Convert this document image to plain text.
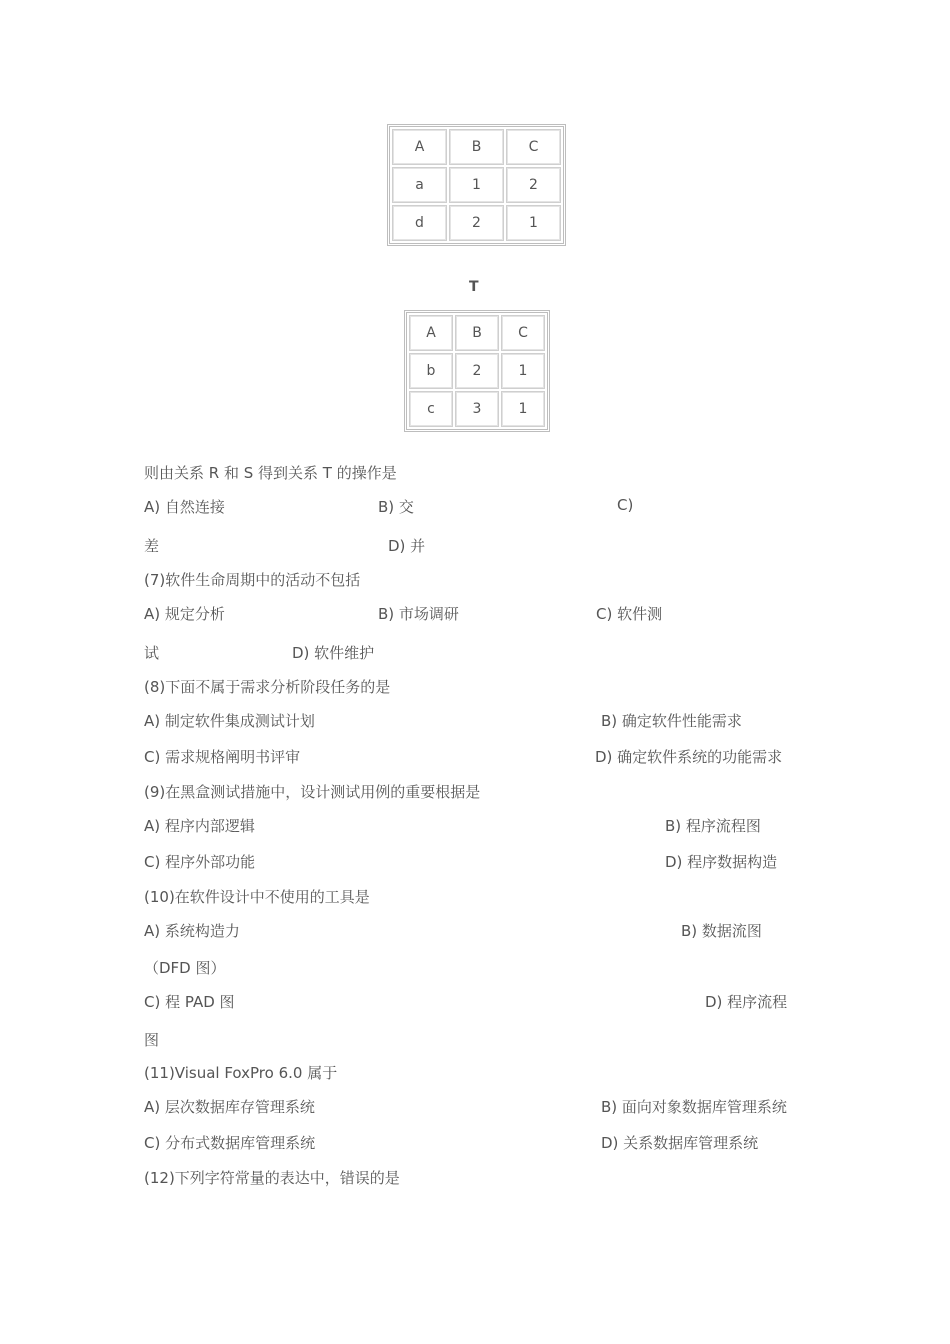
A	B	C
a	1	2
d	2	1
T
A	B	C
b	2	1
c	3	1
则由关系 R 和 S 得到关系 T 的操作是
A) 自然连接	B) 交	C)
差	D) 并
(7)软件生命周期中的活动不包括
A) 规定分析	B) 市场调研	C) 软件测
试	D) 软件维护
(8)下面不属于需求分析阶段任务的是
A) 制定软件集成测试计划	B) 确定软件性能需求
C) 需求规格阐明书评审	D) 确定软件系统的功能需求
(9)在黑盒测试措施中，设计测试用例的重要根据是
A) 程序内部逻辑	B) 程序流程图
C) 程序外部功能	D) 程序数据构造
(10)在软件设计中不使用的工具是
A) 系统构造力	B) 数据流图
（DFD 图）
C) 程 PAD 图	D) 程序流程
图
(11)Visual FoxPro 6.0 属于
A) 层次数据库存管理系统	B) 面向对象数据库管理系统
C) 分布式数据库管理系统	D) 关系数据库管理系统
(12)下列字符常量的表达中，错误的是
